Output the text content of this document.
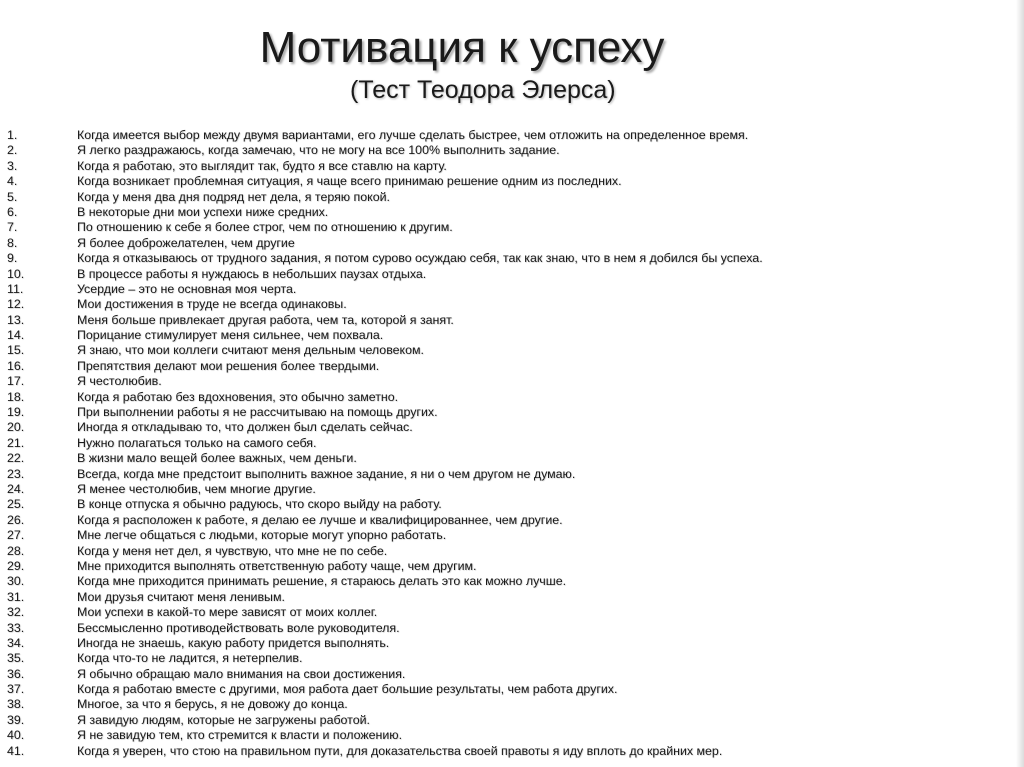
Мотивация к успеху
(Тест Теодора Элерса)
1.	Когда имеется выбор между двумя вариантами, его лучше сделать быстрее, чем отложить на определенное время.
2.	Я легко раздражаюсь, когда замечаю, что не могу на все 100% выполнить задание.
3.	Когда я работаю, это выглядит так, будто я все ставлю на карту.
4.	Когда возникает проблемная ситуация, я чаще всего принимаю решение одним из последних.
5.	Когда у меня два дня подряд нет дела, я теряю покой.
6.	В некоторые дни мои успехи ниже средних.
7.	По отношению к себе я более строг, чем по отношению к другим.
8.	Я более доброжелателен, чем другие
9.	Когда я отказываюсь от трудного задания, я потом сурово осуждаю себя, так как знаю, что в нем я добился бы успеха.
10.	В процессе работы я нуждаюсь в небольших паузах отдыха.
11.	Усердие – это не основная моя черта.
12.	Мои достижения в труде не всегда одинаковы.
13.	Меня больше привлекает другая работа, чем та, которой я занят.
14.	Порицание стимулирует меня сильнее, чем похвала.
15.	Я знаю, что мои коллеги считают меня дельным человеком.
16.	Препятствия делают мои решения более твердыми.
17.	Я честолюбив.
18.	Когда я работаю без вдохновения, это обычно заметно.
19.	При выполнении работы я не рассчитываю на помощь других.
20.	Иногда я откладываю то, что должен был сделать сейчас.
21.	Нужно полагаться только на самого себя.
22.	В жизни мало вещей более важных, чем деньги.
23.	Всегда, когда мне предстоит выполнить важное задание, я ни о чем другом не думаю.
24.	Я менее честолюбив, чем многие другие.
25.	В конце отпуска я обычно радуюсь, что скоро выйду на работу.
26.	Когда я расположен к работе, я делаю ее лучше и квалифицированнее, чем другие.
27.	Мне легче общаться с людьми, которые могут упорно работать.
28.	Когда у меня нет дел, я чувствую, что мне не по себе.
29.	Мне приходится выполнять ответственную работу чаще, чем другим.
30.	Когда мне приходится принимать решение, я стараюсь делать это как можно лучше.
31.	Мои друзья считают меня ленивым.
32.	Мои успехи в какой-то мере зависят от моих коллег.
33.	Бессмысленно противодействовать воле руководителя.
34.	Иногда не знаешь, какую работу придется выполнять.
35.	Когда что-то не ладится, я нетерпелив.
36.	Я обычно обращаю мало внимания на свои достижения.
37.	Когда я работаю вместе с другими, моя работа дает большие результаты, чем работа других.
38.	Многое, за что я берусь, я не довожу до конца.
39.	Я завидую людям, которые не загружены работой.
40.	Я не завидую тем, кто стремится к власти и положению.
41.	Когда я уверен, что стою на правильном пути, для доказательства своей правоты я иду вплоть до крайних мер.
